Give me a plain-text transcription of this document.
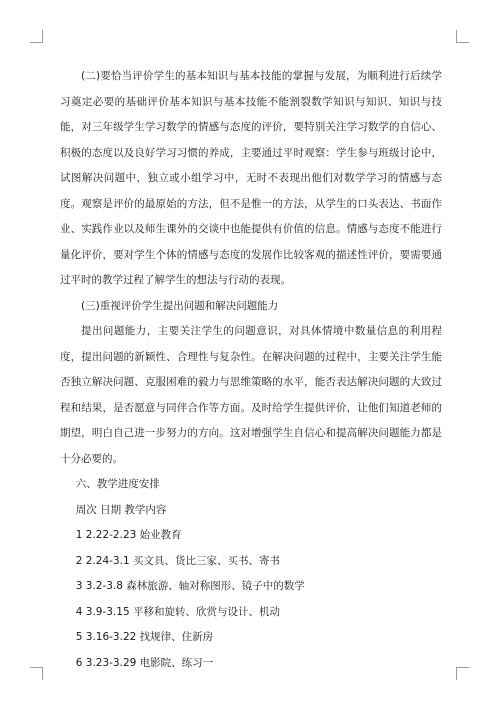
(二)要恰当评价学生的基本知识与基本技能的掌握与发展，为顺利进行后续学习奠定必要的基础评价基本知识与基本技能不能割裂数学知识与知识、知识与技能，对三年级学生学习数学的情感与态度的评价，要特别关注学习数学的自信心、积极的态度以及良好学习习惯的养成，主要通过平时观察：学生参与班级讨论中，试图解决问题中，独立或小组学习中，无时不表现出他们对数学学习的情感与态度。观察是评价的最原始的方法，但不是惟一的方法，从学生的口头表达、书面作业、实践作业以及师生课外的交谈中也能提供有价值的信息。情感与态度不能进行量化评价，要对学生个体的情感与态度的发展作比较客观的描述性评价，要需要通过平时的教学过程了解学生的想法与行动的表现。

(三)重视评价学生提出问题和解决问题能力

提出问题能力，主要关注学生的问题意识，对具体情境中数量信息的利用程度，提出问题的新颖性、合理性与复杂性。在解决问题的过程中，主要关注学生能否独立解决问题、克服困难的毅力与思维策略的水平，能否表达解决问题的大致过程和结果，是否愿意与同伴合作等方面。及时给学生提供评价，让他们知道老师的期望，明白自己进一步努力的方向。这对增强学生自信心和提高解决问题能力都是十分必要的。

六、教学进度安排

周次 日期 教学内容

1 2.22-2.23 始业教育

2 2.24-3.1 买文具、货比三家、买书、寄书

3 3.2-3.8 森林旅游、轴对称图形、镜子中的数学

4 3.9-3.15 平移和旋转、欣赏与设计、机动

5 3.16-3.22 找规律、住新房

6 3.23-3.29 电影院、练习一
